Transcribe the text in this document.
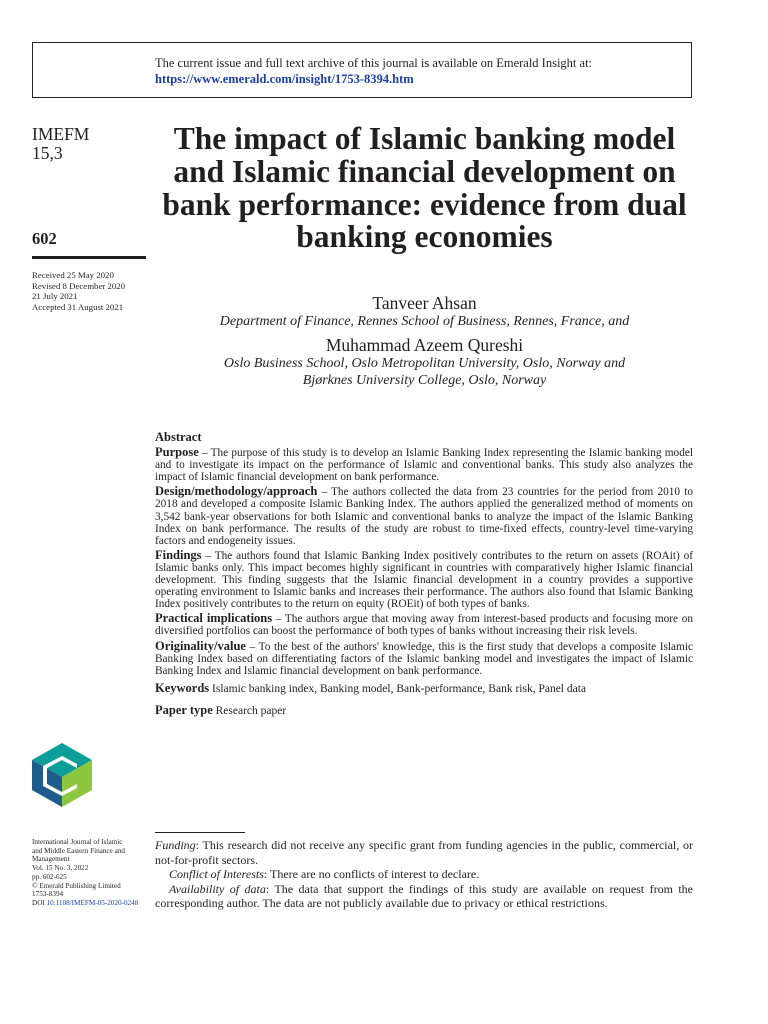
The current issue and full text archive of this journal is available on Emerald Insight at:
https://www.emerald.com/insight/1753-8394.htm
IMEFM
15,3
602
Received 25 May 2020
Revised 8 December 2020
21 July 2021
Accepted 31 August 2021
International Journal of Islamic
and Middle Eastern Finance and
Management
Vol. 15 No. 3, 2022
pp. 602-625
© Emerald Publishing Limited
1753-8394
DOI 10.1108/IMEFM-05-2020-0248
The impact of Islamic banking model and Islamic financial development on bank performance: evidence from dual banking economies
Tanveer Ahsan
Department of Finance, Rennes School of Business, Rennes, France, and
Muhammad Azeem Qureshi
Oslo Business School, Oslo Metropolitan University, Oslo, Norway and
Bjørknes University College, Oslo, Norway
Abstract
Purpose – The purpose of this study is to develop an Islamic Banking Index representing the Islamic banking model and to investigate its impact on the performance of Islamic and conventional banks. This study also analyzes the impact of Islamic financial development on bank performance.
Design/methodology/approach – The authors collected the data from 23 countries for the period from 2010 to 2018 and developed a composite Islamic Banking Index. The authors applied the generalized method of moments on 3,542 bank-year observations for both Islamic and conventional banks to analyze the impact of the Islamic Banking Index on bank performance. The results of the study are robust to time-fixed effects, country-level time-varying factors and endogeneity issues.
Findings – The authors found that Islamic Banking Index positively contributes to the return on assets (ROAit) of Islamic banks only. This impact becomes highly significant in countries with comparatively higher Islamic financial development. This finding suggests that the Islamic financial development in a country provides a supportive operating environment to Islamic banks and increases their performance. The authors also found that Islamic Banking Index positively contributes to the return on equity (ROEit) of both types of banks.
Practical implications – The authors argue that moving away from interest-based products and focusing more on diversified portfolios can boost the performance of both types of banks without increasing their risk levels.
Originality/value – To the best of the authors' knowledge, this is the first study that develops a composite Islamic Banking Index based on differentiating factors of the Islamic banking model and investigates the impact of Islamic Banking Index and Islamic financial development on bank performance.
Keywords Islamic banking index, Banking model, Bank-performance, Bank risk, Panel data
Paper type Research paper
Funding: This research did not receive any specific grant from funding agencies in the public, commercial, or not-for-profit sectors.
Conflict of Interests: There are no conflicts of interest to declare.
Availability of data: The data that support the findings of this study are available on request from the corresponding author. The data are not publicly available due to privacy or ethical restrictions.
